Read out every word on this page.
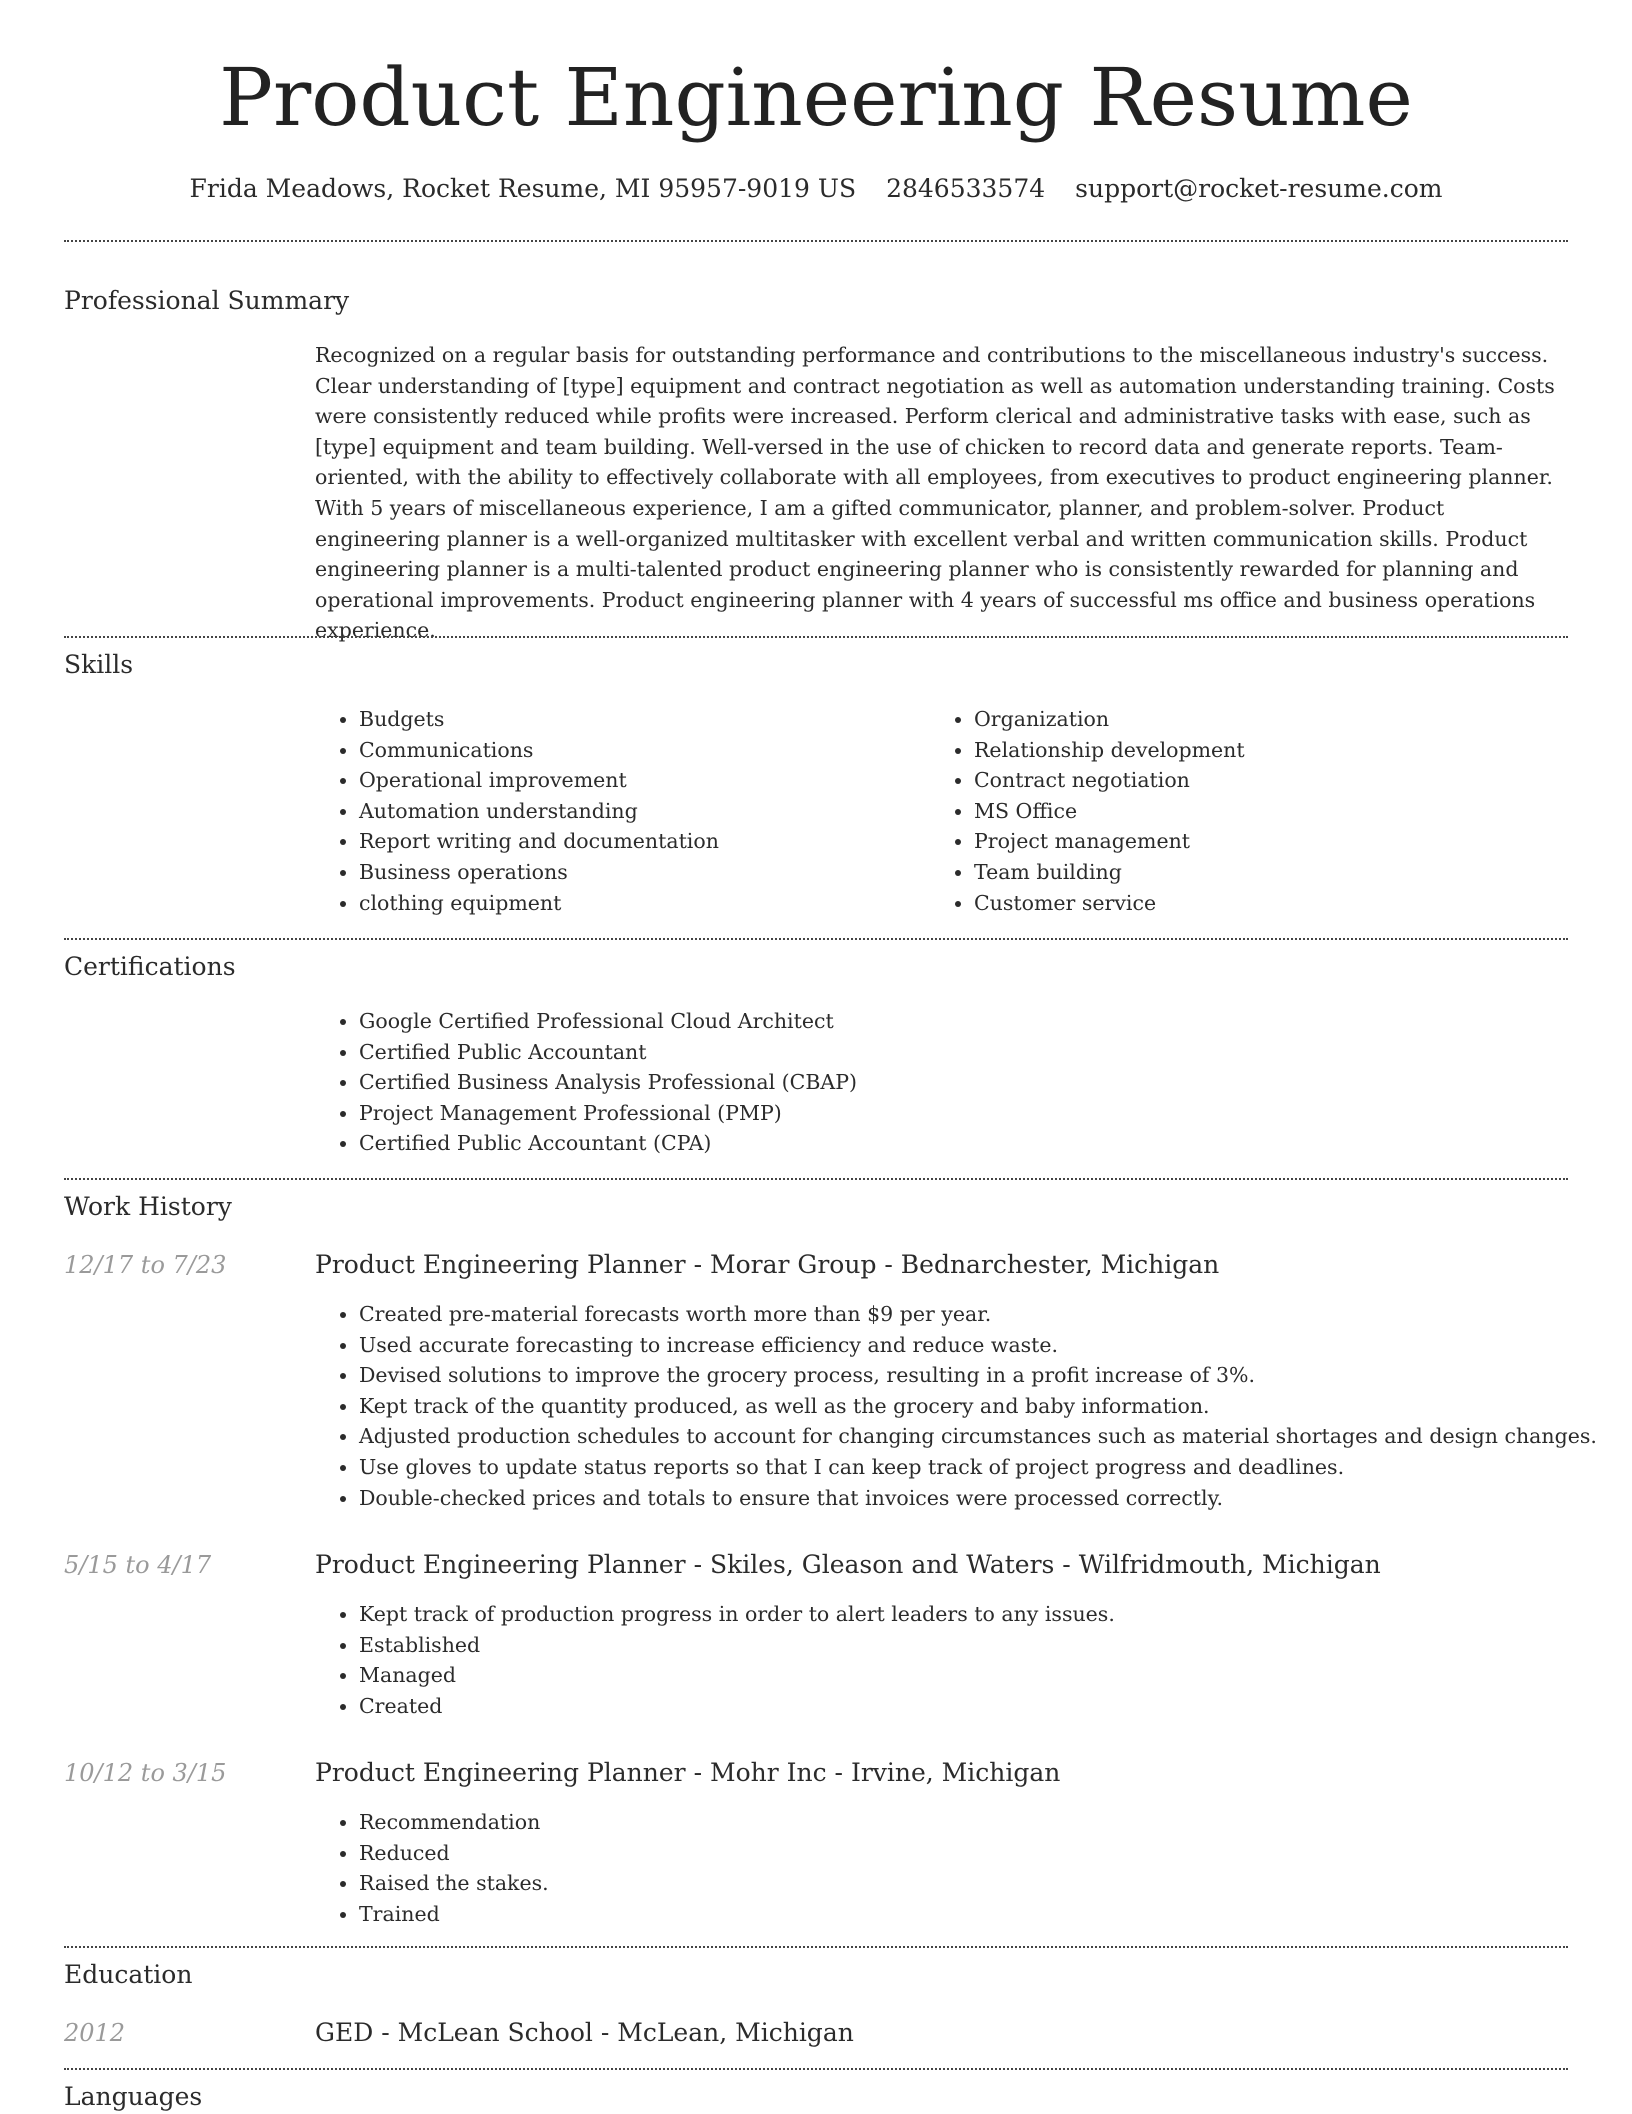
Product Engineering Resume
Frida Meadows, Rocket Resume, MI 95957-9019 US 2846533574 support@rocket-resume.com
Professional Summary

Recognized on a regular basis for outstanding performance and contributions to the miscellaneous industry's success. Clear understanding of [type] equipment and contract negotiation as well as automation understanding training. Costs were consistently reduced while profits were increased. Perform clerical and administrative tasks with ease, such as [type] equipment and team building. Well-versed in the use of chicken to record data and generate reports. Team-oriented, with the ability to effectively collaborate with all employees, from executives to product engineering planner. With 5 years of miscellaneous experience, I am a gifted communicator, planner, and problem-solver. Product engineering planner is a well-organized multitasker with excellent verbal and written communication skills. Product engineering planner is a multi-talented product engineering planner who is consistently rewarded for planning and operational improvements. Product engineering planner with 4 years of successful ms office and business operations experience.

Skills
• Budgets
• Communications
• Operational improvement
• Automation understanding
• Report writing and documentation
• Business operations
• clothing equipment
• Organization
• Relationship development
• Contract negotiation
• MS Office
• Project management
• Team building
• Customer service
Certifications
• Google Certified Professional Cloud Architect
• Certified Public Accountant
• Certified Business Analysis Professional (CBAP)
• Project Management Professional (PMP)
• Certified Public Accountant (CPA)
Work History
12/17 to 7/23	Product Engineering Planner - Morar Group - Bednarchester, Michigan
• Created pre-material forecasts worth more than $9 per year.
• Used accurate forecasting to increase efficiency and reduce waste.
• Devised solutions to improve the grocery process, resulting in a profit increase of 3%.
• Kept track of the quantity produced, as well as the grocery and baby information.
• Adjusted production schedules to account for changing circumstances such as material shortages and design changes.
• Use gloves to update status reports so that I can keep track of project progress and deadlines.
• Double-checked prices and totals to ensure that invoices were processed correctly.
5/15 to 4/17	Product Engineering Planner - Skiles, Gleason and Waters - Wilfridmouth, Michigan
• Kept track of production progress in order to alert leaders to any issues.
• Established
• Managed
• Created
10/12 to 3/15	Product Engineering Planner - Mohr Inc - Irvine, Michigan
• Recommendation
• Reduced
• Raised the stakes.
• Trained
Education
2012	GED - McLean School - McLean, Michigan
Languages
